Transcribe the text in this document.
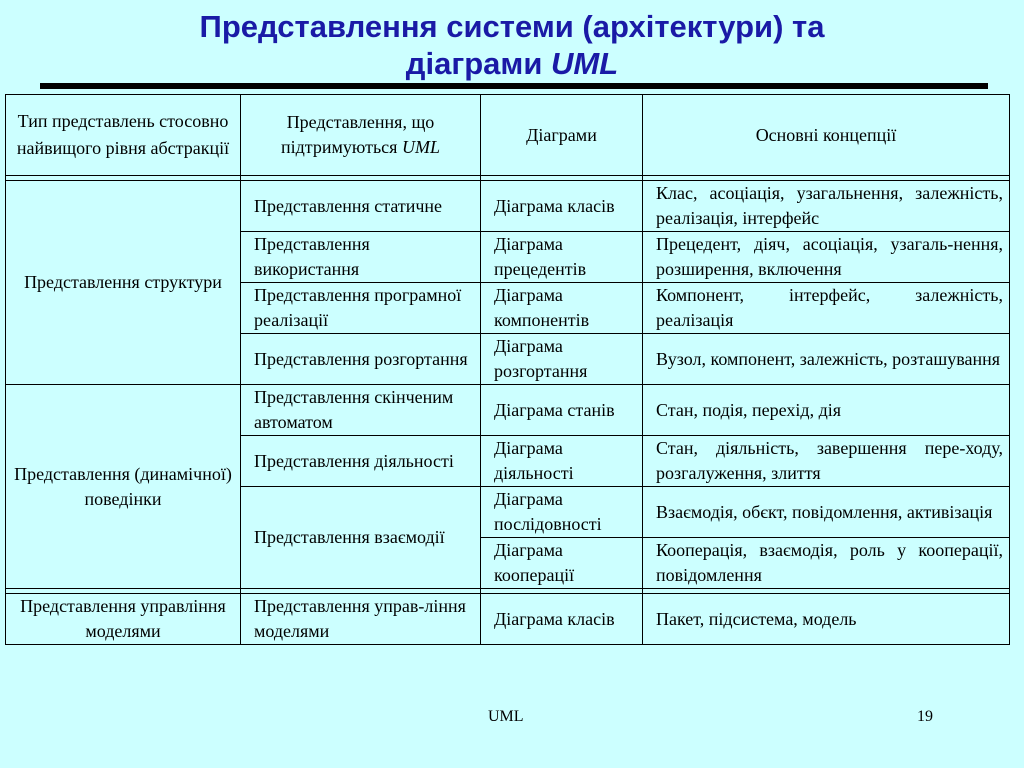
Представлення системи (архітектури) та
діаграми UML
Тип представлень стосовно найвищого рівня абстракції	Представлення, що підтримуються UML	Діаграми	Основні концепції

Представлення структури	Представлення статичне	Діаграма класів	Клас, асоціація, узагальнення, залежність, реалізація, інтерфейс
	Представлення використання	Діаграма прецедентів	Прецедент, діяч, асоціація, узагаль-нення, розширення, включення
	Представлення програмної реалізації	Діаграма компонентів	Компонент, інтерфейс, залежність, реалізація
	Представлення розгортання	Діаграма розгортання	Вузол, компонент, залежність, розташування
Представлення (динамічної) поведінки	Представлення скінченим автоматом	Діаграма станів	Стан, подія, перехід, дія
	Представлення діяльності	Діаграма діяльності	Стан, діяльність, завершення пере-ходу, розгалуження, злиття
	Представлення взаємодії	Діаграма послідовності	Взаємодія, обєкт, повідомлення, активізація
		Діаграма кооперації	Кооперація, взаємодія, роль у кооперації, повідомлення

Представлення управління моделями	Представлення управ-ління моделями	Діаграма класів	Пакет, підсистема, модель
UML	19
